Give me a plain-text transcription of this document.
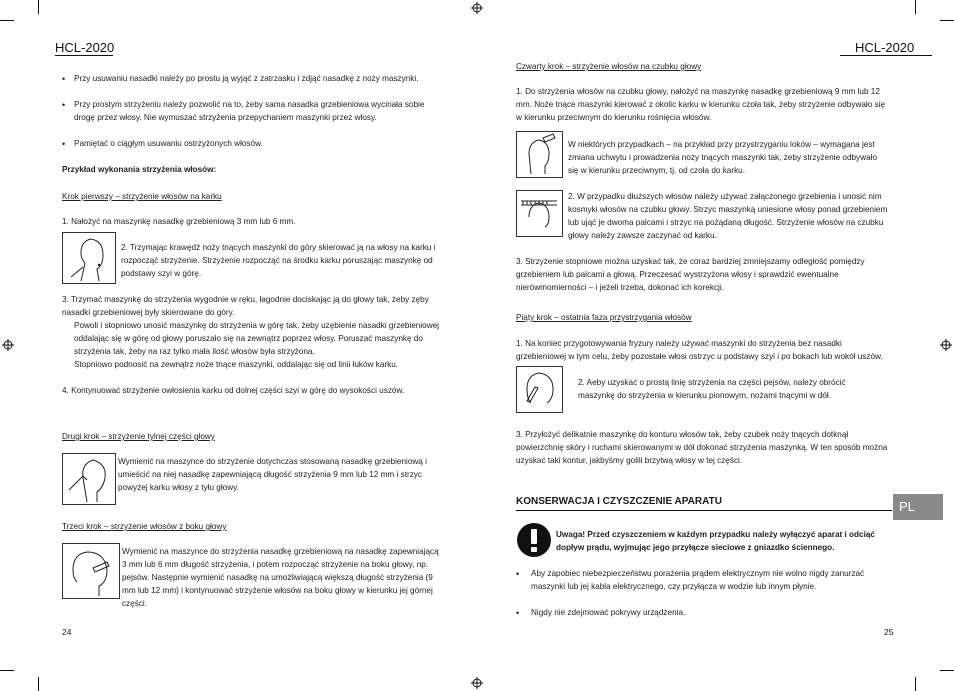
HCL-2020
• Przy usuwaniu nasadki należy po prostu ją wyjąć z zatrzasku i zdjąć nasadkę z noży maszynki.
• Przy prostym strzyżeniu należy pozwolić na to, żeby sama nasadka grzebieniowa wycinała sobie drogę przez włosy. Nie wymuszać strzyżenia przepychaniem maszynki przez włosy.
• Pamiętać o ciągłym usuwaniu ostrzyżonych włosów.
Przykład wykonania strzyżenia włosów:
Krok pierwszy – strzyżenie włosów na karku
1. Nałożyć na maszynkę nasadkę grzebieniową 3 mm lub 6 mm.
2. Trzymając krawędź noży tnących maszynki do góry skierować ją na włosy na karku i rozpocząć strzyżenie. Strzyżenie rozpocząć na środku karku poruszając maszynkę od podstawy szyi w górę.
3. Trzymać maszynkę do strzyżenia wygodnie w ręku, łagodnie dociskając ją do głowy tak, żeby zęby nasadki grzebieniowej były skierowane do góry.
Powoli i stopniowo unosić maszynkę do strzyżenia w górę tak, żeby uzębienie nasadki grzebieniowej oddalając się w górę od głowy poruszało się na zewnątrz poprzez włosy. Poruszać maszynkę do strzyżenia tak, żeby na raz tylko mała ilość włosów była strzyżona.
Stopniowo podnosić na zewnątrz noże tnące maszynki, oddalając się od linii łuków karku.
4. Kontynuować strzyżenie owłosienia karku od dolnej części szyi w górę do wysokości uszów.
Drugi krok – strzyżenie tylnej części głowy
Wymienić na maszynce do strzyżenie dotychczas stosowaną nasadkę grzebieniową i umieścić na niej nasadkę zapewniającą długość strzyżenia 9 mm lub 12 mm i strzyc powyżej karku włosy z tyłu głowy.
Trzeci krok – strzyżenie włosów z boku głowy
Wymienić na maszynce do strzyżenia nasadkę grzebieniową na nasadkę zapewniającą 3 mm lub 6 mm długość strzyżenia, i potem rozpocząć strzyżenie na boku głowy, np. pejsów. Następnie wymienić nasadkę na umożliwiającą większą długość strzyżenia (9 mm lub 12 mm) i kontynuować strzyżenie włosów na boku głowy w kierunku jej górnej części.
24
HCL-2020
Czwarty krok – strzyżenie włosów na czubku głowy
1. Do strzyżenia włosów na czubku głowy, nałożyć na maszynkę nasadkę grzebieniową 9 mm lub 12 mm. Noże tnące maszynki kierować z okolic karku w kierunku czoła tak, żeby strzyżenie odbywało się w kierunku przeciwnym do kierunku rośnięcia włosów.
W niektórych przypadkach – na przykład przy przystrzyganiu loków – wymagana jest zmiana uchwytu i prowadzenia noży tnących maszynki tak, żeby strzyżenie odbywało się w kierunku przeciwnym, tj. od czoła do karku.
2. W przypadku dłuższych włosów należy używać załączonego grzebienia i unosić nim kosmyki włosów na czubku głowy. Strzyc maszynką uniesione włosy ponad grzebieniem lub ująć je dwoma palcami i strzyc na pożądaną długość. Strzyżenie włosów na czubku głowy należy zawsze zaczynać od karku.
3. Strzyżenie stopniowe można uzyskać tak, że coraz bardziej zmniejszamy odległość pomiędzy grzebieniem lub palcami a głową. Przeczesać wystrzyżona włosy i sprawdzić ewentualne nierówmomierności – i jeżeli trzeba, dokonać ich korekcji.
Piąty krok – ostatnia faza przystrzygania włosów
1. Na koniec przygotowywania fryzury należy używać maszynki do strzyżenia bez nasadki grzebieniowej w tym celu, żeby pozostałe włosi ostrzyc u podstawy szyi i po bokach lub wokół uszów.
2. Aeby uzyskać o prostą linię strzyżenia na części pejsów, należy obrócić maszynkę do strzyżenia w kierunku pionowym, nożami tnącymi w dół.
3. Przyłożyć delikatnie maszynkę do konturu włosów tak, żeby czubek noży tnących dotknął powierzchnię skóry i ruchami skierowanymi w dół dokonać strzyżenia maszynką. W ten sposób można uzyskać taki kontur, jakbyśmy golili brzytwą włosy w tej części.
KONSERWACJA I CZYSZCZENIE APARATU	PL
Uwaga! Przed czyszczeniem w każdym przypadku należy wyłączyć aparat i odciąć dopływ prądu, wyjmując jego przyłącze sieciowe z gniazdko ściennego.
• Aby zapobiec niebezpieczeństwu porażenia prądem elektrycznym nie wolno nigdy zanurzać maszynki lub jej kabla elektrycznego, czy przyłącza w wodzie lub innym płynie.
• Nigdy nie zdejmować pokrywy urządzenia.
25
